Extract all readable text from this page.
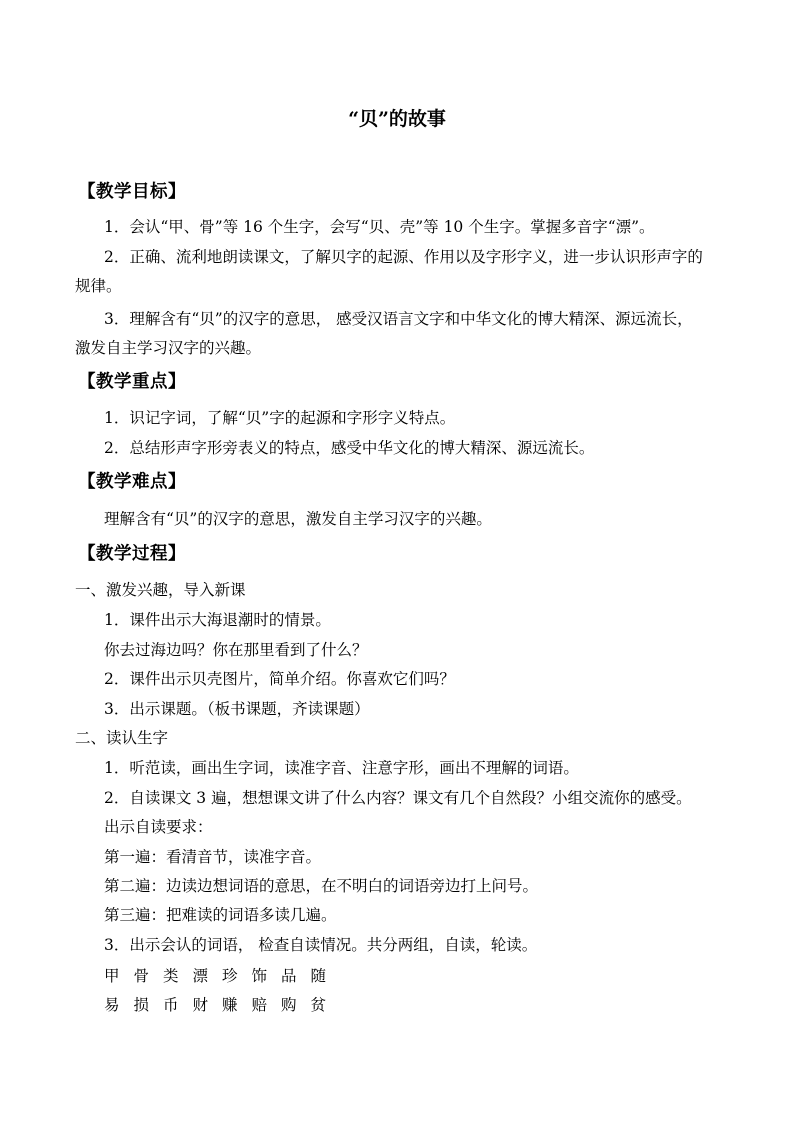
“贝”的故事
【教学目标】
1．会认“甲、骨”等 16 个生字，会写“贝、壳”等 10 个生字。掌握多音字“漂”。
2．正确、流利地朗读课文，了解贝字的起源、作用以及字形字义，进一步认识形声字的
规律。
3．理解含有“贝”的汉字的意思， 感受汉语言文字和中华文化的博大精深、源远流长，
激发自主学习汉字的兴趣。
【教学重点】
1．识记字词，了解“贝”字的起源和字形字义特点。
2．总结形声字形旁表义的特点，感受中华文化的博大精深、源远流长。
【教学难点】
理解含有“贝”的汉字的意思，激发自主学习汉字的兴趣。
【教学过程】
一、激发兴趣，导入新课
1．课件出示大海退潮时的情景。
你去过海边吗？你在那里看到了什么？
2．课件出示贝壳图片，简单介绍。你喜欢它们吗？
3．出示课题。（板书课题，齐读课题）
二、读认生字
1．听范读，画出生字词，读准字音、注意字形，画出不理解的词语。
2．自读课文 3 遍，想想课文讲了什么内容？课文有几个自然段？小组交流你的感受。
出示自读要求：
第一遍：看清音节，读准字音。
第二遍：边读边想词语的意思，在不明白的词语旁边打上问号。
第三遍：把难读的词语多读几遍。
3．出示会认的词语， 检查自读情况。共分两组，自读，轮读。
甲 骨 类 漂 珍 饰 品 随
易 损 币 财 赚 赔 购 贫
